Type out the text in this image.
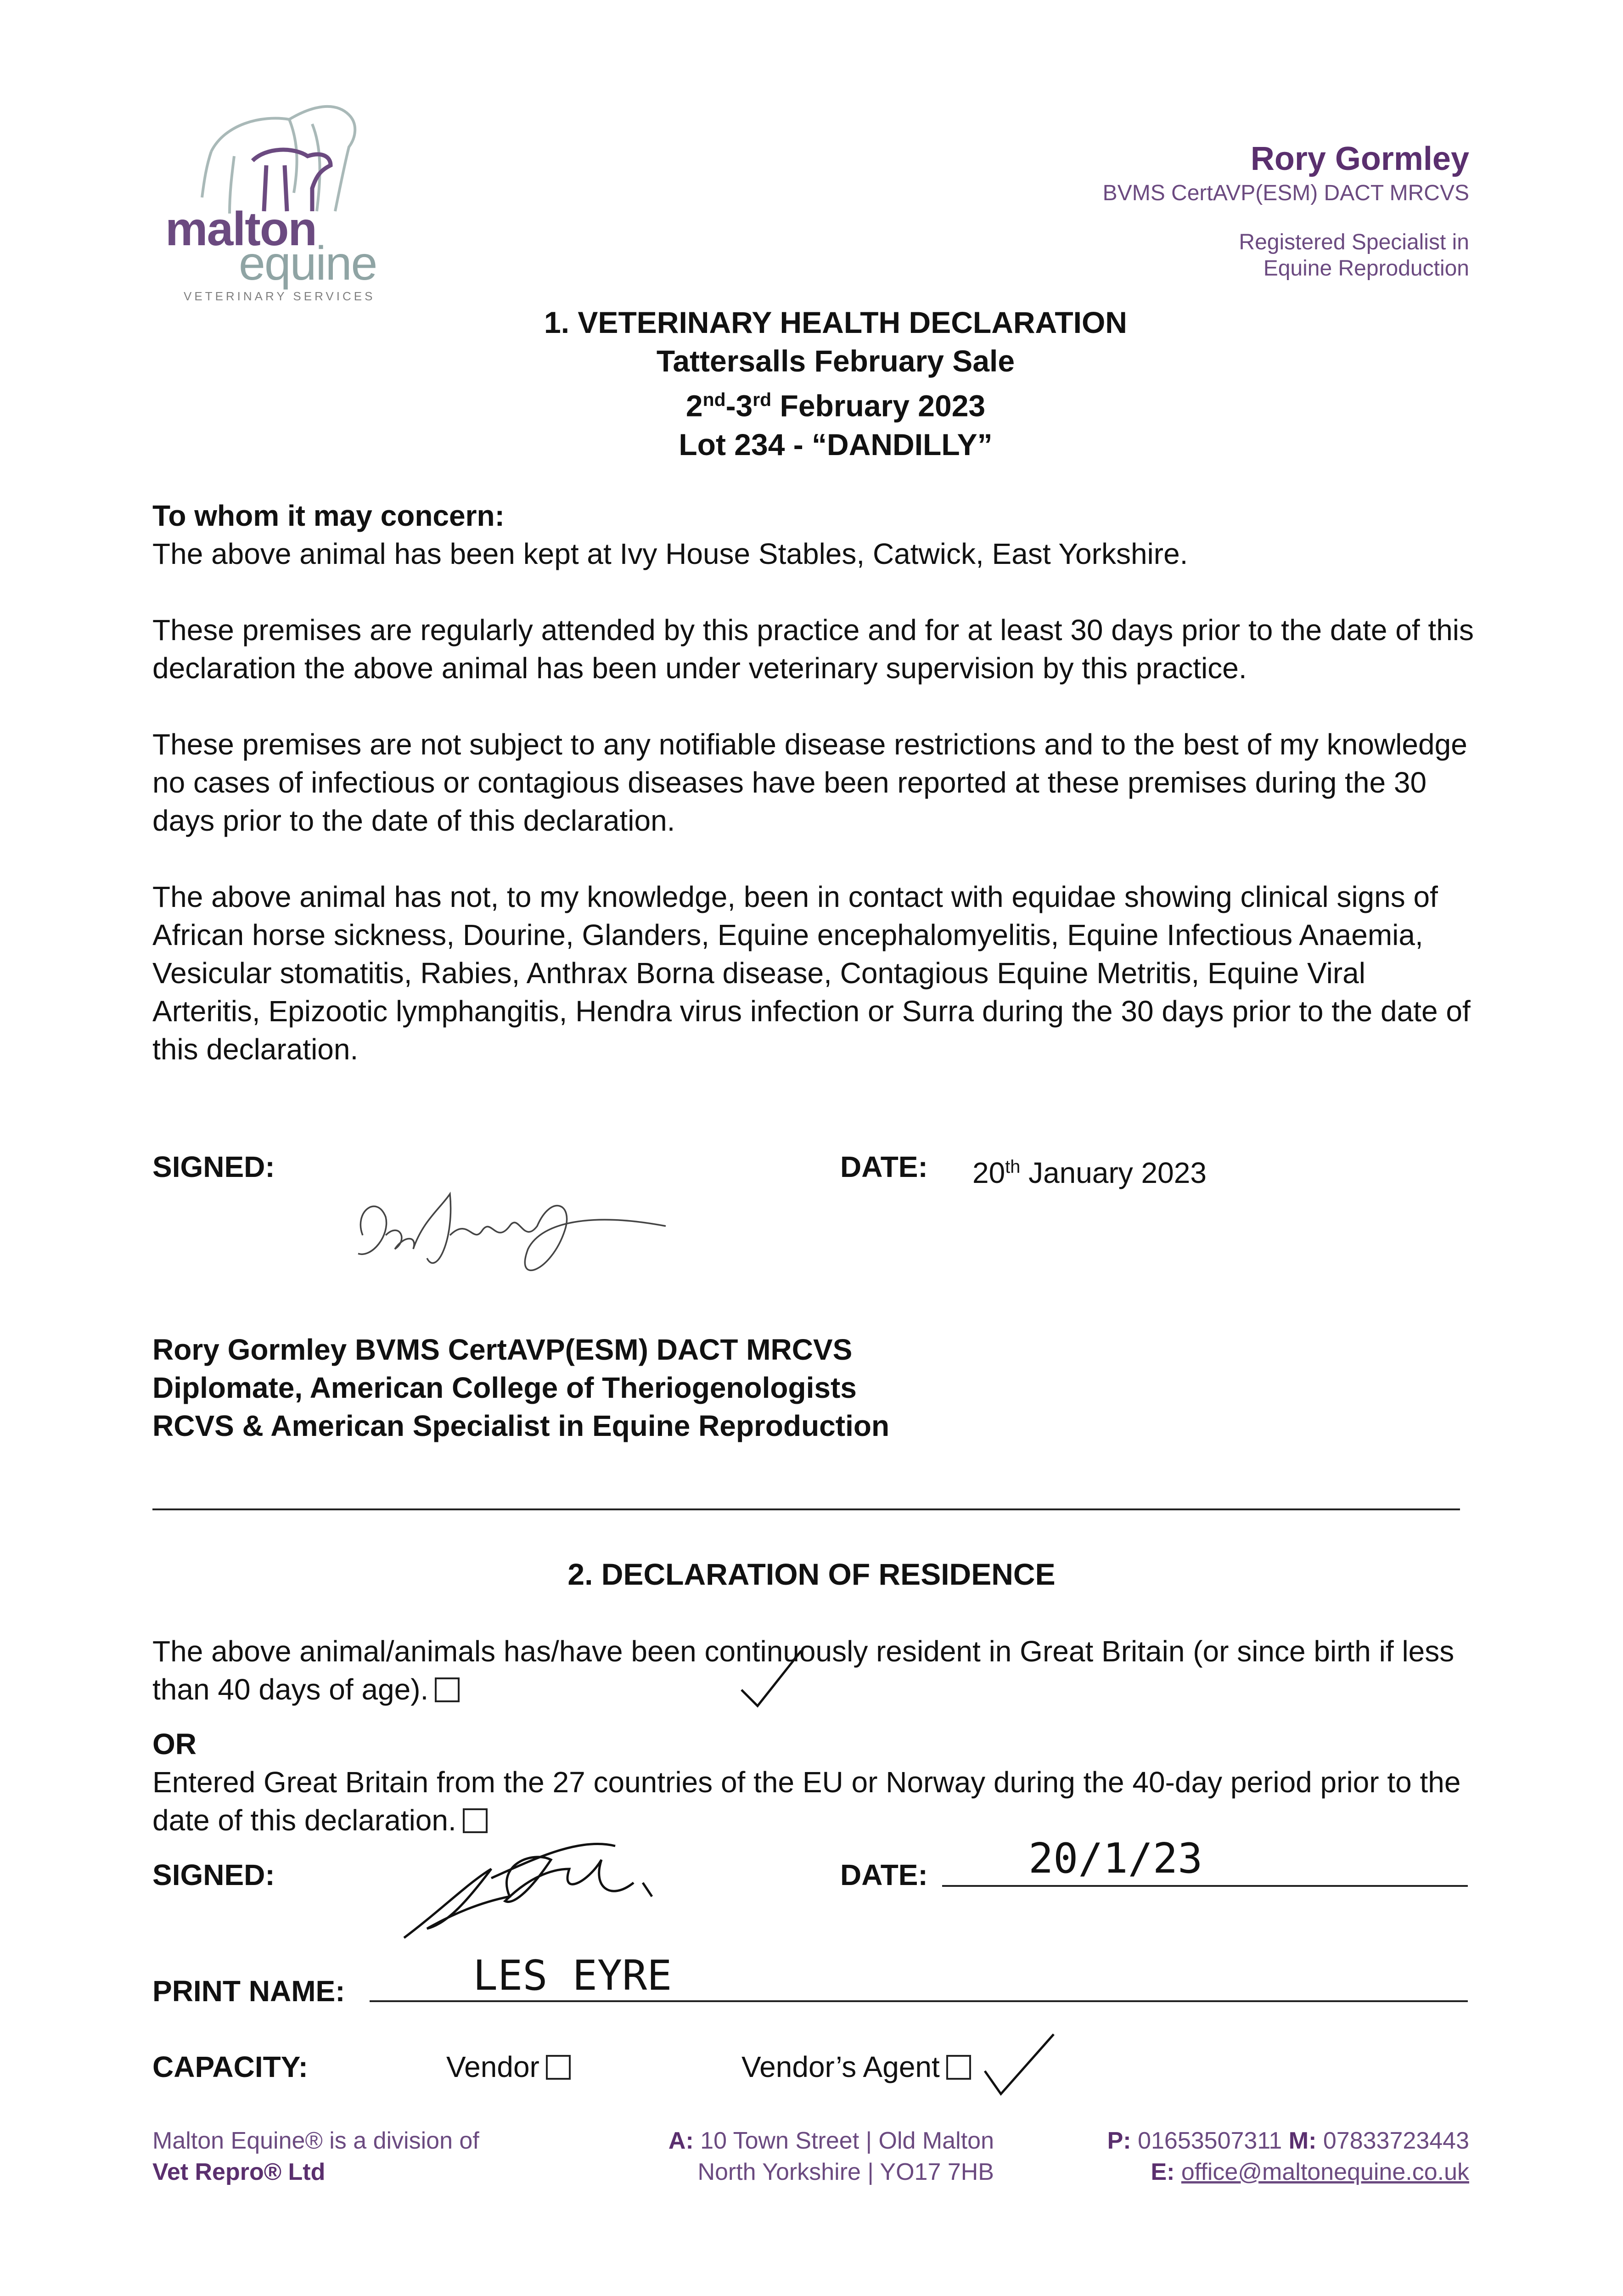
malton
equine
VETERINARY SERVICES
Rory Gormley
BVMS CertAVP(ESM) DACT MRCVS
Registered Specialist in
Equine Reproduction
1. VETERINARY HEALTH DECLARATION
Tattersalls February Sale
2nd-3rd February 2023
Lot 234 - “DANDILLY”
To whom it may concern:
The above animal has been kept at Ivy House Stables, Catwick, East Yorkshire.
These premises are regularly attended by this practice and for at least 30 days prior to the date of this declaration the above animal has been under veterinary supervision by this practice.
These premises are not subject to any notifiable disease restrictions and to the best of my knowledge no cases of infectious or contagious diseases have been reported at these premises during the 30 days prior to the date of this declaration.
The above animal has not, to my knowledge, been in contact with equidae showing clinical signs of African horse sickness, Dourine, Glanders, Equine encephalomyelitis, Equine Infectious Anaemia, Vesicular stomatitis, Rabies, Anthrax Borna disease, Contagious Equine Metritis, Equine Viral Arteritis, Epizootic lymphangitis, Hendra virus infection or Surra during the 30 days prior to the date of this declaration.
SIGNED:	DATE: 20th January 2023
Rory Gormley BVMS CertAVP(ESM) DACT MRCVS
Diplomate, American College of Theriogenologists
RCVS & American Specialist in Equine Reproduction
2. DECLARATION OF RESIDENCE
The above animal/animals has/have been continuously resident in Great Britain (or since birth if less than 40 days of age).
OR
Entered Great Britain from the 27 countries of the EU or Norway during the 40-day period prior to the date of this declaration.
SIGNED:	DATE: 20/1/23
PRINT NAME:	LES EYRE
CAPACITY:	Vendor	Vendor’s Agent
Malton Equine® is a division of
Vet Repro® Ltd
A: 10 Town Street | Old Malton
North Yorkshire | YO17 7HB
P: 01653507311 M: 07833723443
E: office@maltonequine.co.uk
